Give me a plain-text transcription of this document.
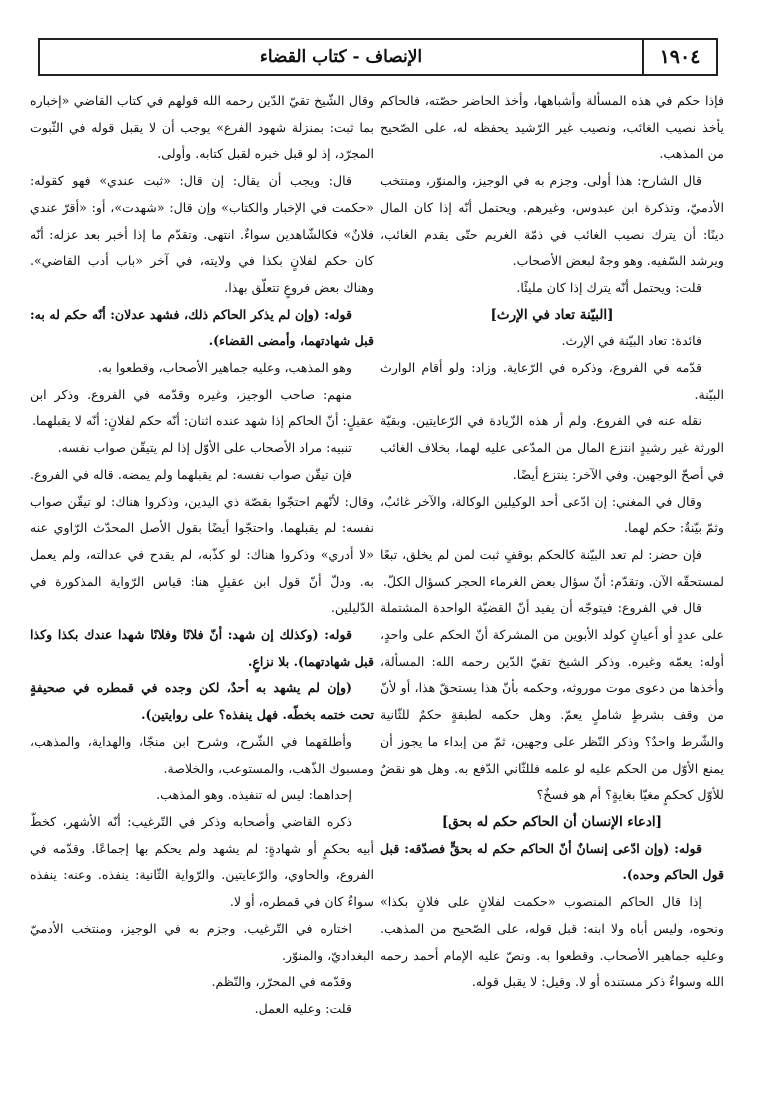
١٩٠٤
الإنصاف - كتاب القضاء

فإذا حكم في هذه المسألة وأشباهها، وأخذ الحاضر حصّته، فالحاكم يأخذ نصيب الغائب، ونصيب غير الرّشيد يحفظه له، على الصّحيح من المذهب.

قال الشارح: هذا أولى. وجزم به في الوجيز، والمنوّر، ومنتخب الأدميّ، وتذكرة ابن عبدوس، وغيرهم. ويحتمل أنّه إذا كان المال دينًا: أن يترك نصيب الغائب في ذمّة الغريم حتّى يقدم الغائب، ويرشد السّفيه. وهو وجهٌ لبعض الأصحاب.

قلت: ويحتمل أنّه يترك إذا كان مليئًا.

[البيّنة تعاد في الإرث]

فائدة: تعاد البيّنة في الإرث.

قدّمه في الفروع، وذكره في الرّعاية. وزاد: ولو أقام الوارث البيّنة.

نقله عنه في الفروع. ولم أر هذه الزّيادة في الرّعايتين. وبقيّة الورثة غير رشيدٍ انتزع المال من المدّعى عليه لهما، بخلاف الغائب في أصحّ الوجهين. وفي الآخر: ينتزع أيضًا.

وقال في المغني: إن ادّعى أحد الوكيلين الوكالة، والآخر غائبٌ، وثمّ بيّنةٌ: حكم لهما.

فإن حضر: لم تعد البيّنة كالحكم بوقفٍ ثبت لمن لم يخلق، تبعًا لمستحقّه الآن. وتقدّم: أنّ سؤال بعض الغرماء الحجر كسؤال الكلّ.

قال في الفروع: فيتوجّه أن يفيد أنّ القضيّة الواحدة المشتملة على عددٍ أو أعيانٍ كولد الأبوين من المشركة أنّ الحكم على واحدٍ، أوله: يعمّه وغيره. وذكر الشيخ تقيّ الدّين رحمه الله: المسألة، وأخذها من دعوى موت موروثه، وحكمه بأنّ هذا يستحقّ هذا، أو لأنّ من وقف بشرطٍ شاملٍ يعمّ. وهل حكمه لطبقةٍ حكمٌ للثّانية والشّرط واحدٌ؟ وذكر النّظر على وجهين، ثمّ من إبداء ما يجوز أن يمنع الأوّل من الحكم عليه لو علمه فللثّاني الدّفع به. وهل هو نقضٌ للأوّل كحكمٍ مغيّا بغايةٍ؟ أم هو فسخٌ؟

[ادعاء الإنسان أن الحاكم حكم له بحق]

قوله: (وإن ادّعى إنسانٌ أنّ الحاكم حكم له بحقٍّ فصدّقه: قبل قول الحاكم وحده).

إذا قال الحاكم المنصوب «حكمت لفلانٍ على فلانٍ بكذا» ونحوه، وليس أباه ولا ابنه: قبل قوله، على الصّحيح من المذهب. وعليه جماهير الأصحاب. وقطعوا به. ونصّ عليه الإمام أحمد رحمه الله وسواءٌ ذكر مستنده أو لا. وقيل: لا يقبل قوله.

وقال الشّيخ تقيّ الدّين رحمه الله قولهم في كتاب القاضي «إخباره بما ثبت: بمنزلة شهود الفرع» يوجب أن لا يقبل قوله في الثّبوت المجرّد، إذ لو قبل خبره لقبل كتابه. وأولى.

قال: ويجب أن يقال: إن قال: «ثبت عندي» فهو كقوله: «حكمت في الإخبار والكتاب» وإن قال: «شهدت»، أو: «أقرّ عندي فلانٌ» فكالشّاهدين سواءٌ. انتهى. وتقدّم ما إذا أخبر بعد عزله: أنّه كان حكم لفلانٍ بكذا في ولايته، في آخر «باب أدب القاضي». وهناك بعض فروعٍ تتعلّق بهذا.

قوله: (وإن لم يذكر الحاكم ذلك، فشهد عدلان: أنّه حكم له به: قبل شهادتهما، وأمضى القضاء).

وهو المذهب، وعليه جماهير الأصحاب، وقطعوا به.

منهم: صاحب الوجيز، وغيره وقدّمه في الفروع. وذكر ابن عقيلٍ: أنّ الحاكم إذا شهد عنده اثنان: أنّه حكم لفلانٍ: أنّه لا يقبلهما.

تنبيه: مراد الأصحاب على الأوّل إذا لم يتيقّن صواب نفسه.

فإن تيقّن صواب نفسه: لم يقبلهما ولم يمضه. قاله في الفروع. وقال: لأنّهم احتجّوا بقصّة ذي اليدين، وذكروا هناك: لو تيقّن صواب نفسه: لم يقبلهما. واحتجّوا أيضًا بقول الأصل المحدّث الرّاوي عنه «لا أدري» وذكروا هناك: لو كذّبه، لم يقدح في عدالته، ولم يعمل به. ودلّ أنّ قول ابن عقيلٍ هنا: قياس الرّواية المذكورة في الدّليلين.

قوله: (وكذلك إن شهد: أنّ فلانًا وفلانًا شهدا عندك بكذا وكذا قبل شهادتهما). بلا نزاعٍ.

(وإن لم يشهد به أحدٌ، لكن وجده في قمطره في صحيفةٍ تحت ختمه بخطّه. فهل ينفذه؟ على روايتين).

وأطلقهما في الشّرح، وشرح ابن منجّا، والهداية، والمذهب، ومسبوك الذّهب، والمستوعب، والخلاصة.

إحداهما: ليس له تنفيذه. وهو المذهب.

ذكره القاضي وأصحابه وذكر في التّرغيب: أنّه الأشهر، كخطّ أبيه بحكمٍ أو شهادةٍ: لم يشهد ولم يحكم بها إجماعًا. وقدّمه في الفروع، والحاوي، والرّعايتين. والرّواية الثّانية: ينفذه. وعنه: ينفذه سواءٌ كان في قمطره، أو لا.

اختاره في التّرغيب. وجزم به في الوجيز، ومنتخب الأدميّ البغداديّ، والمنوّر.

وقدّمه في المحرّر، والنّظم.

قلت: وعليه العمل.
